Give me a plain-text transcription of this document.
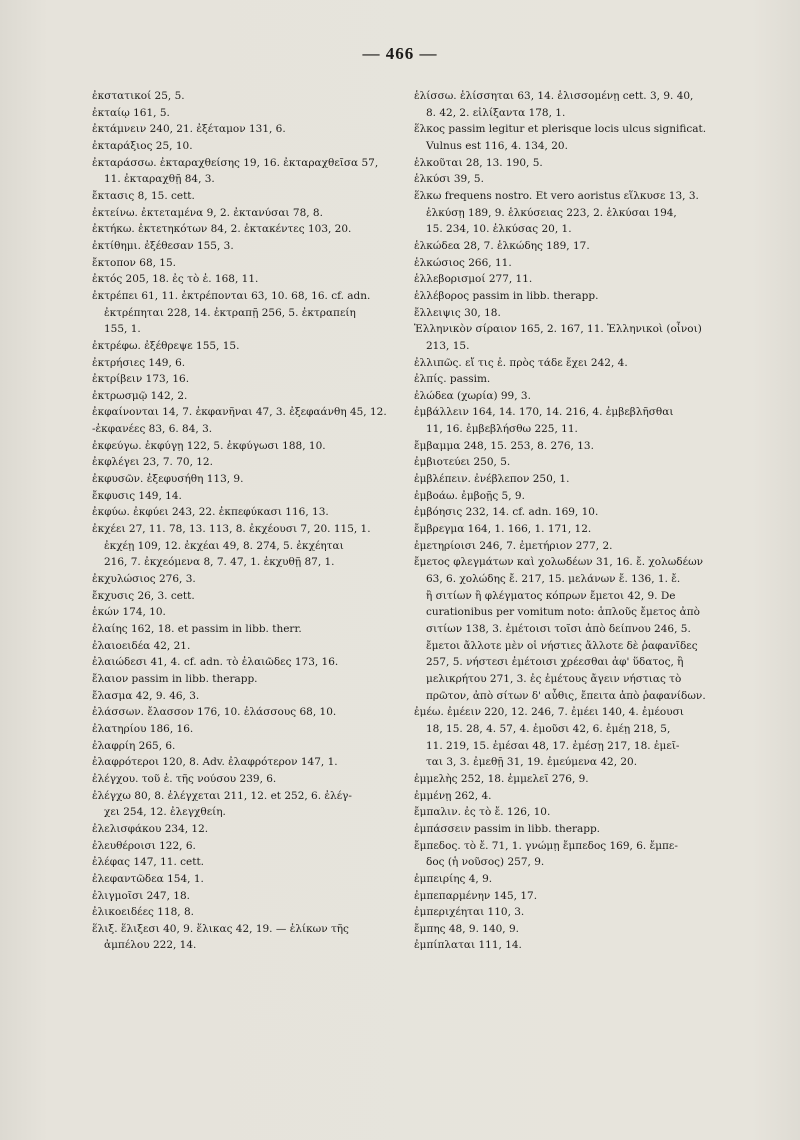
— 466 —
ἐκστατικοί 25, 5.
ἐκταίῳ 161, 5.
ἐκτάμνειν 240, 21. ἐξέταμον 131, 6.
ἐκταράξιος 25, 10.
ἐκταράσσω. ἐκταραχθείσης 19, 16. ἐκταραχθεῖσα 57,
11. ἐκταραχθῇ 84, 3.
ἔκτασις 8, 15. cett.
ἐκτείνω. ἐκτεταμένα 9, 2. ἐκτανύσαι 78, 8.
ἐκτήκω. ἐκτετηκότων 84, 2. ἐκτακέντες 103, 20.
ἐκτίθημι. ἐξέθεσαν 155, 3.
ἔκτοπον 68, 15.
ἐκτός 205, 18. ἐς τὸ ἐ. 168, 11.
ἐκτρέπει 61, 11. ἐκτρέπονται 63, 10. 68, 16. cf. adn.
ἐκτρέπηται 228, 14. ἐκτραπῇ 256, 5. ἐκτραπείη
155, 1.
ἐκτρέφω. ἐξέθρεψε 155, 15.
ἐκτρήσιες 149, 6.
ἐκτρίβειν 173, 16.
ἐκτρωσμῷ 142, 2.
ἐκφαίνονται 14, 7. ἐκφανῆναι 47, 3. ἐξεφαάνθη 45, 12.
-ἐκφανέες 83, 6. 84, 3.
ἐκφεύγω. ἐκφύγῃ 122, 5. ἐκφύγωσι 188, 10.
ἐκφλέγει 23, 7. 70, 12.
ἐκφυσῶν. ἐξεφυσήθη 113, 9.
ἔκφυσις 149, 14.
ἐκφύω. ἐκφύει 243, 22. ἐκπεφύκασι 116, 13.
ἐκχέει 27, 11. 78, 13. 113, 8. ἐκχέουσι 7, 20. 115, 1.
ἐκχέῃ 109, 12. ἐκχέαι 49, 8. 274, 5. ἐκχέηται
216, 7. ἐκχεόμενα 8, 7. 47, 1. ἐκχυθῇ 87, 1.
ἐκχυλώσιος 276, 3.
ἔκχυσις 26, 3. cett.
ἑκών 174, 10.
ἐλαίης 162, 18. et passim in libb. therr.
ἐλαιοειδέα 42, 21.
ἐλαιώδεσι 41, 4. cf. adn. τὸ ἐλαιῶδες 173, 16.
ἔλαιον passim in libb. therapp.
ἔλασμα 42, 9. 46, 3.
ἐλάσσων. ἔλασσον 176, 10. ἐλάσσους 68, 10.
ἐλατηρίου 186, 16.
ἐλαφρίη 265, 6.
ἐλαφρότεροι 120, 8. Adv. ἐλαφρότερον 147, 1.
ἐλέγχου. τοῦ ἐ. τῆς νούσου 239, 6.
ἐλέγχω 80, 8. ἐλέγχεται 211, 12. et 252, 6. ἐλέγ-
χει 254, 12. ἐλεγχθείη.
ἐλελισφάκου 234, 12.
ἐλευθέροισι 122, 6.
ἐλέφας 147, 11. cett.
ἐλεφαντῶδεα 154, 1.
ἐλιγμοῖσι 247, 18.
ἐλικοειδέες 118, 8.
ἕλιξ. ἕλιξεσι 40, 9. ἕλικας 42, 19. — ἑλίκων τῆς
ἀμπέλου 222, 14.
ἑλίσσω. ἑλίσσηται 63, 14. ἑλισσομένῃ cett. 3, 9. 40,
8. 42, 2. εἰλίξαντα 178, 1.
ἕλκος passim legitur et plerisque locis ulcus significat.
Vulnus est 116, 4. 134, 20.
ἑλκοῦται 28, 13. 190, 5.
ἑλκύσι 39, 5.
ἕλκω frequens nostro. Et vero aoristus εἵλκυσε 13, 3.
ἑλκύσῃ 189, 9. ἑλκύσειας 223, 2. ἑλκύσαι 194,
15. 234, 10. ἑλκύσας 20, 1.
ἑλκώδεα 28, 7. ἑλκώδης 189, 17.
ἑλκώσιος 266, 11.
ἑλλεβορισμοί 277, 11.
ἑλλέβορος passim in libb. therapp.
ἔλλειψις 30, 18.
Ἑλληνικὸν σίραιον 165, 2. 167, 11. Ἑλληνικοὶ (οἶνοι)
213, 15.
ἐλλιπῶς. εἴ τις ἐ. πρὸς τάδε ἔχει 242, 4.
ἐλπίς. passim.
ἐλώδεα (χωρία) 99, 3.
ἐμβάλλειν 164, 14. 170, 14. 216, 4. ἐμβεβλῆσθαι
11, 16. ἐμβεβλήσθω 225, 11.
ἔμβαμμα 248, 15. 253, 8. 276, 13.
ἐμβιοτεύει 250, 5.
ἐμβλέπειν. ἐνέβλεπον 250, 1.
ἐμβοάω. ἐμβοῇς 5, 9.
ἐμβόησις 232, 14. cf. adn. 169, 10.
ἔμβρεγμα 164, 1. 166, 1. 171, 12.
ἐμετηρίοισι 246, 7. ἐμετήριον 277, 2.
ἔμετος φλεγμάτων καὶ χολωδέων 31, 16. ἔ. χολωδέων
63, 6. χολώδης ἔ. 217, 15. μελάνων ἔ. 136, 1. ἔ.
ἢ σιτίων ἢ φλέγματος κόπρων ἔμετοι 42, 9. De
curationibus per vomitum noto: ἁπλοῦς ἔμετος ἀπὸ
σιτίων 138, 3. ἐμέτοισι τοῖσι ἀπὸ δείπνου 246, 5.
ἔμετοι ἄλλοτε μὲν οἱ νήστιες ἄλλοτε δὲ ῥαφανῖδες
257, 5. νήστεσι ἐμέτοισι χρέεσθαι ἀφ' ὕδατος, ἢ
μελικρήτου 271, 3. ἐς ἐμέτους ἄγειν νήστιας τὸ
πρῶτον, ἀπὸ σίτων δ' αὖθις, ἔπειτα ἀπὸ ῥαφανίδων.
ἐμέω. ἐμέειν 220, 12. 246, 7. ἐμέει 140, 4. ἐμέουσι
18, 15. 28, 4. 57, 4. ἐμοῦσι 42, 6. ἐμέῃ 218, 5,
11. 219, 15. ἐμέσαι 48, 17. ἐμέσῃ 217, 18. ἐμεῖ-
ται 3, 3. ἐμεθῇ 31, 19. ἐμεύμενα 42, 20.
ἐμμελὴς 252, 18. ἐμμελεῖ 276, 9.
ἐμμένῃ 262, 4.
ἔμπαλιν. ἐς τὸ ἔ. 126, 10.
ἐμπάσσειν passim in libb. therapp.
ἔμπεδος. τὸ ἔ. 71, 1. γνώμῃ ἔμπεδος 169, 6. ἔμπε-
δος (ἡ νοῦσος) 257, 9.
ἐμπειρίης 4, 9.
ἐμπεπαρμένην 145, 17.
ἐμπεριχέηται 110, 3.
ἔμπης 48, 9. 140, 9.
ἐμπίπλαται 111, 14.
